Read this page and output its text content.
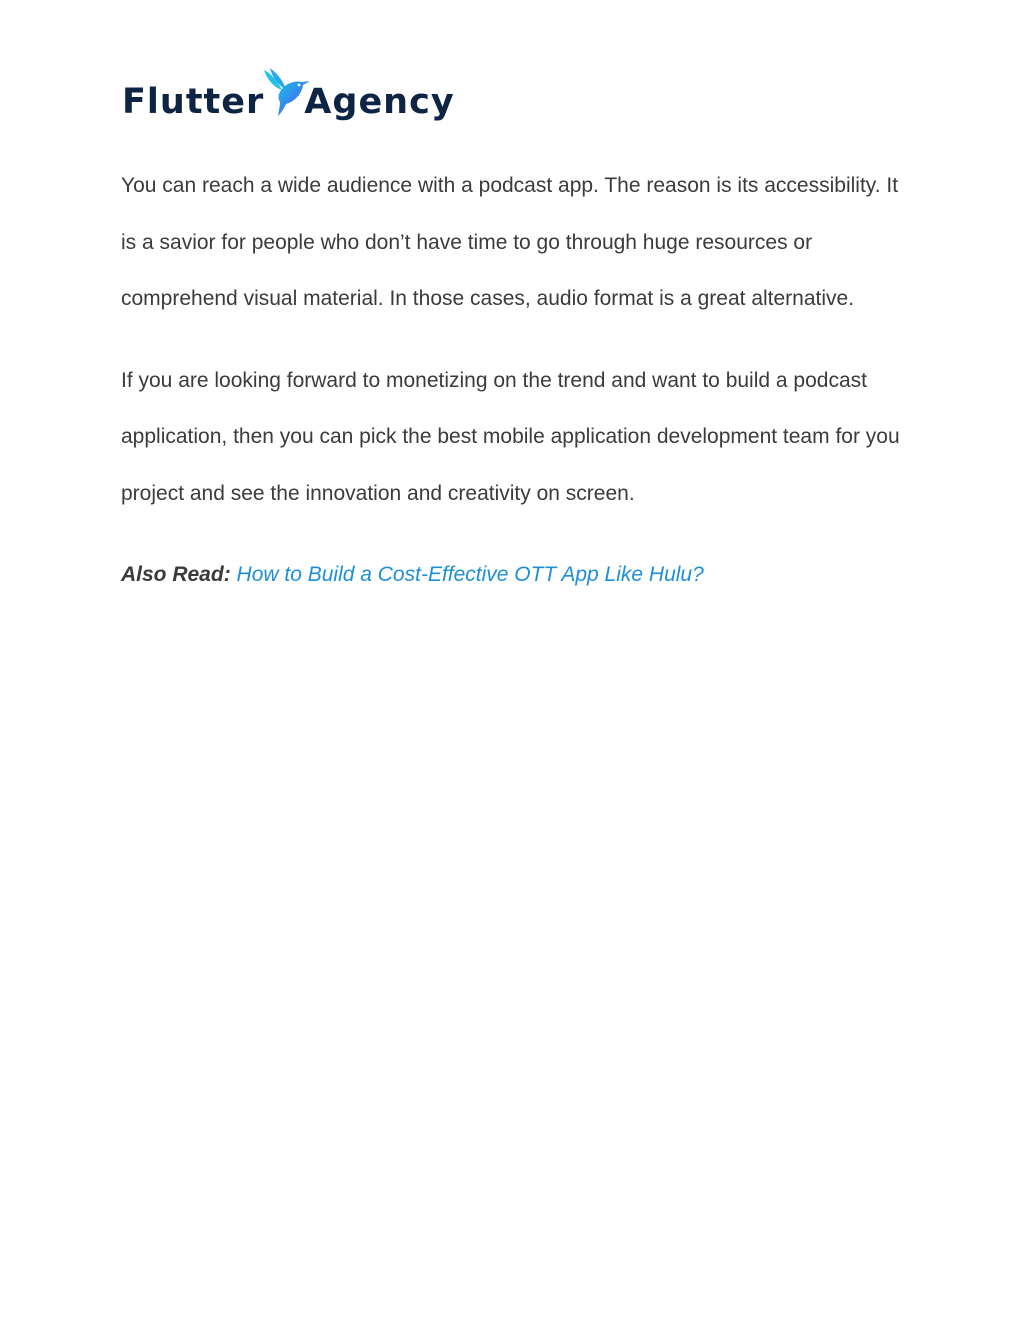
Flutter Agency

You can reach a wide audience with a podcast app. The reason is its accessibility. It is a savior for people who don’t have time to go through huge resources or comprehend visual material. In those cases, audio format is a great alternative.

If you are looking forward to monetizing on the trend and want to build a podcast application, then you can pick the best mobile application development team for you project and see the innovation and creativity on screen.

Also Read: How to Build a Cost-Effective OTT App Like Hulu?
